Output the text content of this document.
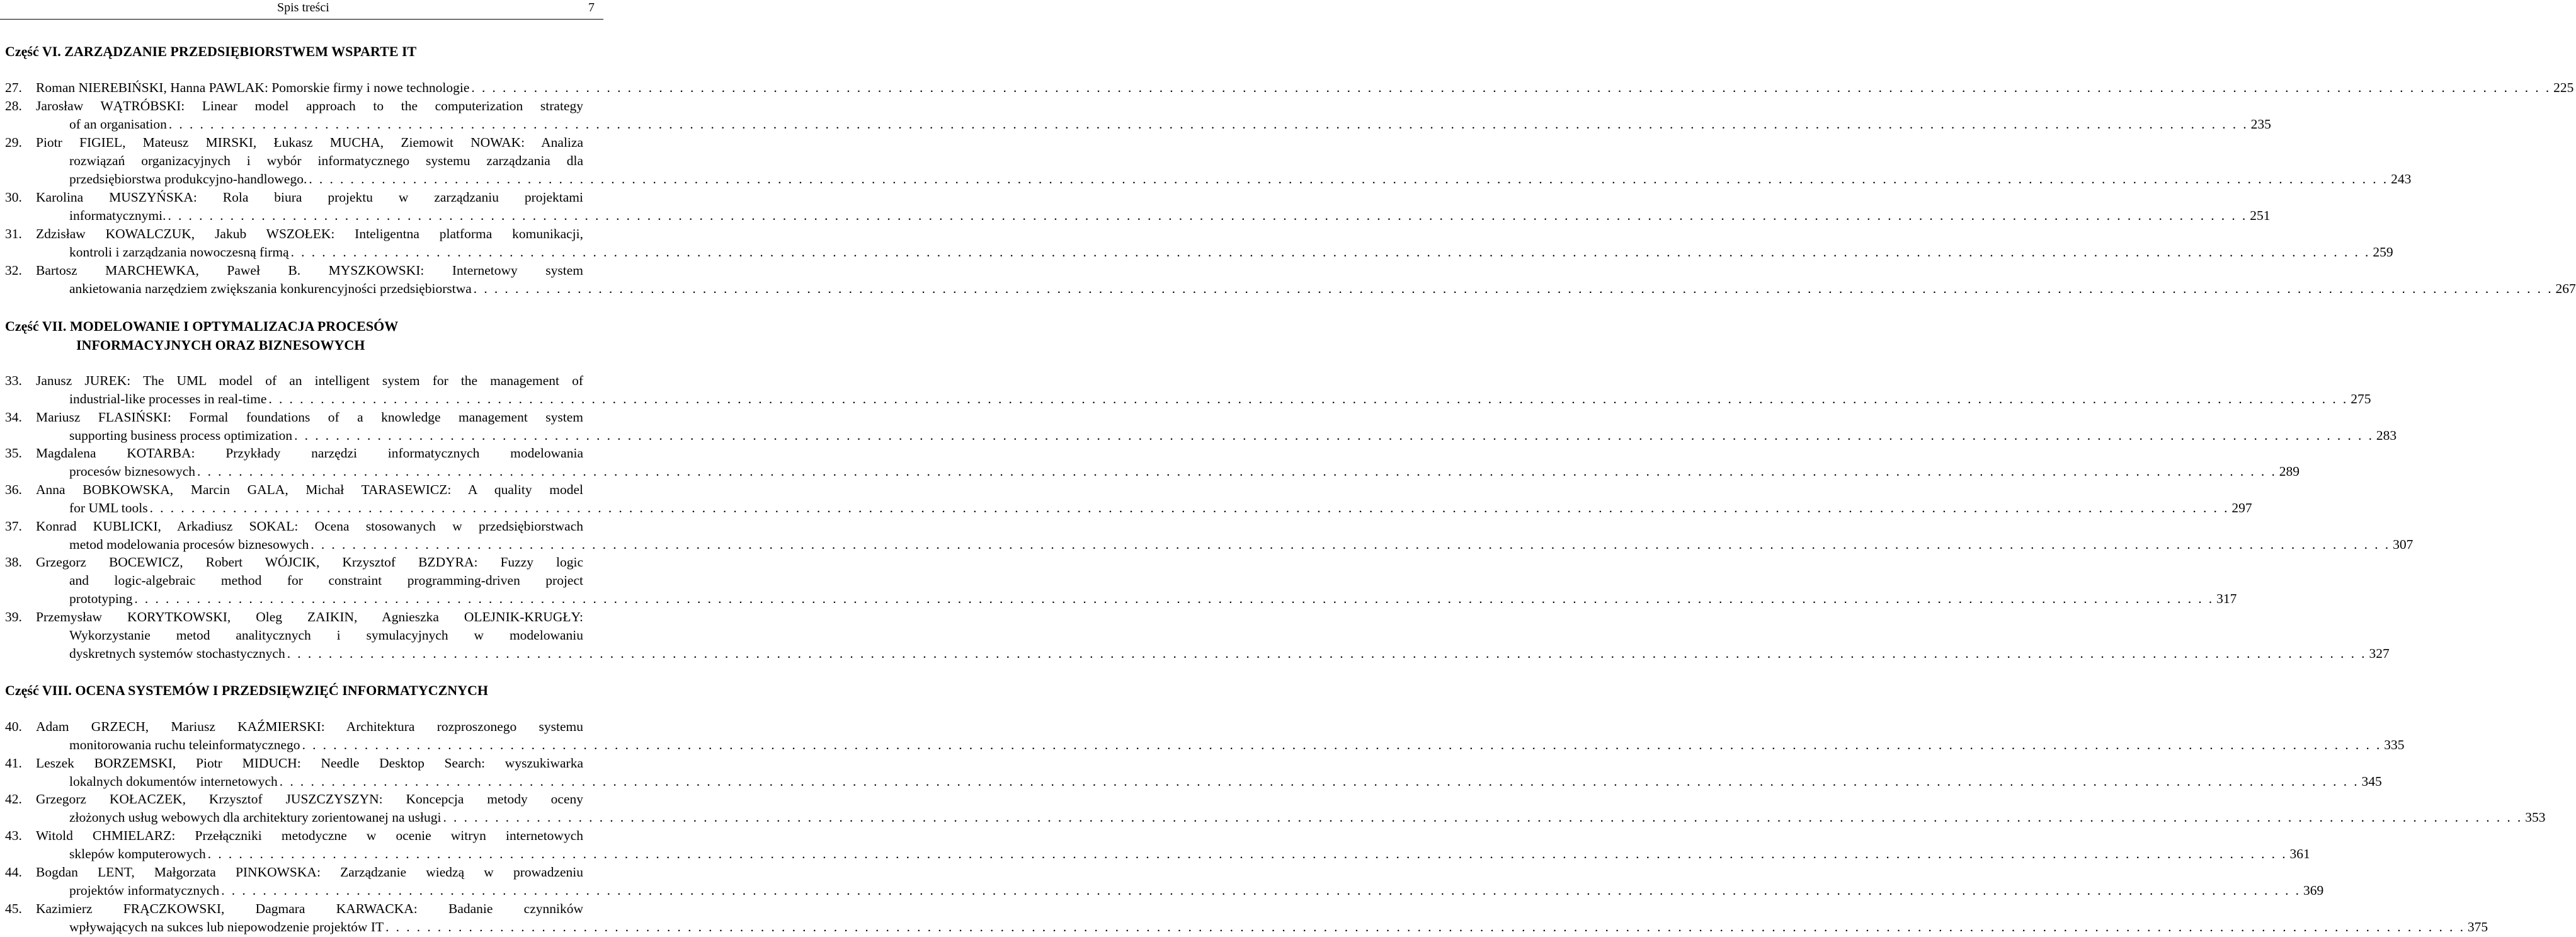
Spis treści	7
Część VI. ZARZĄDZANIE PRZEDSIĘBIORSTWEM WSPARTE IT
Część VII. MODELOWANIE I OPTYMALIZACJA PROCESÓW
INFORMACYJNYCH ORAZ BIZNESOWYCH
Część VIII. OCENA SYSTEMÓW I PRZEDSIĘWZIĘĆ INFORMATYCZNYCH
27.	Roman NIEREBIŃSKI, Hanna PAWLAK: Pomorskie firmy i nowe technologie . . . . . . . . . . . . . . . . . . . . . . . . . . . . . . . . . . . . . . . . . . . . . . . . . . . . . . . . . . . . . . . . . . . . . . . . . . . . . . . . . . . . . . . . . . . . . . . . . . . . . . . . . . . . . . . . . . . . . . . . . . . . . . . . . . . . . . . . . . . . . . . . . . . . . . . . . . . . . . . . . . . . . . . . . . . . . . . . . . . . . . . . . . . . . . . . . . . . . . . . 225
28.	Jarosław WĄTRÓBSKI: Linear model approach to the computerization strategy
of an organisation . . . . . . . . . . . . . . . . . . . . . . . . . . . . . . . . . . . . . . . . . . . . . . . . . . . . . . . . . . . . . . . . . . . . . . . . . . . . . . . . . . . . . . . . . . . . . . . . . . . . . . . . . . . . . . . . . . . . . . . . . . . . . . . . . . . . . . . . . . . . . . . . . . . . . . . . . . . . . . . . . . . . . . . . . . . . . . . . . . . . . . . . . . . . . . . . . . . . . . . . 235
29.	Piotr FIGIEL, Mateusz MIRSKI, Łukasz MUCHA, Ziemowit NOWAK: Analiza
rozwiązań organizacyjnych i wybór informatycznego systemu zarządzania dla
przedsiębiorstwa produkcyjno-handlowego. . . . . . . . . . . . . . . . . . . . . . . . . . . . . . . . . . . . . . . . . . . . . . . . . . . . . . . . . . . . . . . . . . . . . . . . . . . . . . . . . . . . . . . . . . . . . . . . . . . . . . . . . . . . . . . . . . . . . . . . . . . . . . . . . . . . . . . . . . . . . . . . . . . . . . . . . . . . . . . . . . . . . . . . . . . . . . . . . . . . . . . . . . . . . . . . . . . . . . . . . 243
30.	Karolina MUSZYŃSKA: Rola biura projektu w zarządzaniu projektami
informatycznymi. . . . . . . . . . . . . . . . . . . . . . . . . . . . . . . . . . . . . . . . . . . . . . . . . . . . . . . . . . . . . . . . . . . . . . . . . . . . . . . . . . . . . . . . . . . . . . . . . . . . . . . . . . . . . . . . . . . . . . . . . . . . . . . . . . . . . . . . . . . . . . . . . . . . . . . . . . . . . . . . . . . . . . . . . . . . . . . . . . . . . . . . . . . . . . . . . . . . . . . . . 251
31.	Zdzisław KOWALCZUK, Jakub WSZOŁEK: Inteligentna platforma komunikacji,
kontroli i zarządzania nowoczesną firmą . . . . . . . . . . . . . . . . . . . . . . . . . . . . . . . . . . . . . . . . . . . . . . . . . . . . . . . . . . . . . . . . . . . . . . . . . . . . . . . . . . . . . . . . . . . . . . . . . . . . . . . . . . . . . . . . . . . . . . . . . . . . . . . . . . . . . . . . . . . . . . . . . . . . . . . . . . . . . . . . . . . . . . . . . . . . . . . . . . . . . . . . . . . . . . . . . . . . . . . . 259
32.	Bartosz MARCHEWKA, Paweł B. MYSZKOWSKI: Internetowy system
ankietowania narzędziem zwiększania konkurencyjności przedsiębiorstwa . . . . . . . . . . . . . . . . . . . . . . . . . . . . . . . . . . . . . . . . . . . . . . . . . . . . . . . . . . . . . . . . . . . . . . . . . . . . . . . . . . . . . . . . . . . . . . . . . . . . . . . . . . . . . . . . . . . . . . . . . . . . . . . . . . . . . . . . . . . . . . . . . . . . . . . . . . . . . . . . . . . . . . . . . . . . . . . . . . . . . . . . . . . . . . . . . . . . . . . . 267
33.	Janusz JUREK: The UML model of an intelligent system for the management of
industrial-like processes in real-time . . . . . . . . . . . . . . . . . . . . . . . . . . . . . . . . . . . . . . . . . . . . . . . . . . . . . . . . . . . . . . . . . . . . . . . . . . . . . . . . . . . . . . . . . . . . . . . . . . . . . . . . . . . . . . . . . . . . . . . . . . . . . . . . . . . . . . . . . . . . . . . . . . . . . . . . . . . . . . . . . . . . . . . . . . . . . . . . . . . . . . . . . . . . . . . . . . . . . . . . 275
34.	Mariusz FLASIŃSKI: Formal foundations of a knowledge management system
supporting business process optimization . . . . . . . . . . . . . . . . . . . . . . . . . . . . . . . . . . . . . . . . . . . . . . . . . . . . . . . . . . . . . . . . . . . . . . . . . . . . . . . . . . . . . . . . . . . . . . . . . . . . . . . . . . . . . . . . . . . . . . . . . . . . . . . . . . . . . . . . . . . . . . . . . . . . . . . . . . . . . . . . . . . . . . . . . . . . . . . . . . . . . . . . . . . . . . . . . . . . . . . . 283
35.	Magdalena KOTARBA: Przykłady narzędzi informatycznych modelowania
procesów biznesowych . . . . . . . . . . . . . . . . . . . . . . . . . . . . . . . . . . . . . . . . . . . . . . . . . . . . . . . . . . . . . . . . . . . . . . . . . . . . . . . . . . . . . . . . . . . . . . . . . . . . . . . . . . . . . . . . . . . . . . . . . . . . . . . . . . . . . . . . . . . . . . . . . . . . . . . . . . . . . . . . . . . . . . . . . . . . . . . . . . . . . . . . . . . . . . . . . . . . . . . . 289
36.	Anna BOBKOWSKA, Marcin GALA, Michał TARASEWICZ: A quality model
for UML tools . . . . . . . . . . . . . . . . . . . . . . . . . . . . . . . . . . . . . . . . . . . . . . . . . . . . . . . . . . . . . . . . . . . . . . . . . . . . . . . . . . . . . . . . . . . . . . . . . . . . . . . . . . . . . . . . . . . . . . . . . . . . . . . . . . . . . . . . . . . . . . . . . . . . . . . . . . . . . . . . . . . . . . . . . . . . . . . . . . . . . . . . . . . . . . . . . . . . . . . . 297
37.	Konrad KUBLICKI, Arkadiusz SOKAL: Ocena stosowanych w przedsiębiorstwach
metod modelowania procesów biznesowych . . . . . . . . . . . . . . . . . . . . . . . . . . . . . . . . . . . . . . . . . . . . . . . . . . . . . . . . . . . . . . . . . . . . . . . . . . . . . . . . . . . . . . . . . . . . . . . . . . . . . . . . . . . . . . . . . . . . . . . . . . . . . . . . . . . . . . . . . . . . . . . . . . . . . . . . . . . . . . . . . . . . . . . . . . . . . . . . . . . . . . . . . . . . . . . . . . . . . . . . 307
38.	Grzegorz BOCEWICZ, Robert WÓJCIK, Krzysztof BZDYRA: Fuzzy logic
and logic-algebraic method for constraint programming-driven project
prototyping . . . . . . . . . . . . . . . . . . . . . . . . . . . . . . . . . . . . . . . . . . . . . . . . . . . . . . . . . . . . . . . . . . . . . . . . . . . . . . . . . . . . . . . . . . . . . . . . . . . . . . . . . . . . . . . . . . . . . . . . . . . . . . . . . . . . . . . . . . . . . . . . . . . . . . . . . . . . . . . . . . . . . . . . . . . . . . . . . . . . . . . . . . . . . . . . . . . . . . . . 317
39.	Przemysław KORYTKOWSKI, Oleg ZAIKIN, Agnieszka OLEJNIK-KRUGŁY:
Wykorzystanie metod analitycznych i symulacyjnych w modelowaniu
dyskretnych systemów stochastycznych . . . . . . . . . . . . . . . . . . . . . . . . . . . . . . . . . . . . . . . . . . . . . . . . . . . . . . . . . . . . . . . . . . . . . . . . . . . . . . . . . . . . . . . . . . . . . . . . . . . . . . . . . . . . . . . . . . . . . . . . . . . . . . . . . . . . . . . . . . . . . . . . . . . . . . . . . . . . . . . . . . . . . . . . . . . . . . . . . . . . . . . . . . . . . . . . . . . . . . . . 327
40.	Adam GRZECH, Mariusz KAŹMIERSKI: Architektura rozproszonego systemu
monitorowania ruchu teleinformatycznego . . . . . . . . . . . . . . . . . . . . . . . . . . . . . . . . . . . . . . . . . . . . . . . . . . . . . . . . . . . . . . . . . . . . . . . . . . . . . . . . . . . . . . . . . . . . . . . . . . . . . . . . . . . . . . . . . . . . . . . . . . . . . . . . . . . . . . . . . . . . . . . . . . . . . . . . . . . . . . . . . . . . . . . . . . . . . . . . . . . . . . . . . . . . . . . . . . . . . . . . 335
41.	Leszek BORZEMSKI, Piotr MIDUCH: Needle Desktop Search: wyszukiwarka
lokalnych dokumentów internetowych . . . . . . . . . . . . . . . . . . . . . . . . . . . . . . . . . . . . . . . . . . . . . . . . . . . . . . . . . . . . . . . . . . . . . . . . . . . . . . . . . . . . . . . . . . . . . . . . . . . . . . . . . . . . . . . . . . . . . . . . . . . . . . . . . . . . . . . . . . . . . . . . . . . . . . . . . . . . . . . . . . . . . . . . . . . . . . . . . . . . . . . . . . . . . . . . . . . . . . . . 345
42.	Grzegorz KOŁACZEK, Krzysztof JUSZCZYSZYN: Koncepcja metody oceny
złożonych usług webowych dla architektury zorientowanej na usługi . . . . . . . . . . . . . . . . . . . . . . . . . . . . . . . . . . . . . . . . . . . . . . . . . . . . . . . . . . . . . . . . . . . . . . . . . . . . . . . . . . . . . . . . . . . . . . . . . . . . . . . . . . . . . . . . . . . . . . . . . . . . . . . . . . . . . . . . . . . . . . . . . . . . . . . . . . . . . . . . . . . . . . . . . . . . . . . . . . . . . . . . . . . . . . . . . . . . . . . . 353
43.	Witold CHMIELARZ: Przełączniki metodyczne w ocenie witryn internetowych
sklepów komputerowych . . . . . . . . . . . . . . . . . . . . . . . . . . . . . . . . . . . . . . . . . . . . . . . . . . . . . . . . . . . . . . . . . . . . . . . . . . . . . . . . . . . . . . . . . . . . . . . . . . . . . . . . . . . . . . . . . . . . . . . . . . . . . . . . . . . . . . . . . . . . . . . . . . . . . . . . . . . . . . . . . . . . . . . . . . . . . . . . . . . . . . . . . . . . . . . . . . . . . . . . 361
44.	Bogdan LENT, Małgorzata PINKOWSKA: Zarządzanie wiedzą w prowadzeniu
projektów informatycznych . . . . . . . . . . . . . . . . . . . . . . . . . . . . . . . . . . . . . . . . . . . . . . . . . . . . . . . . . . . . . . . . . . . . . . . . . . . . . . . . . . . . . . . . . . . . . . . . . . . . . . . . . . . . . . . . . . . . . . . . . . . . . . . . . . . . . . . . . . . . . . . . . . . . . . . . . . . . . . . . . . . . . . . . . . . . . . . . . . . . . . . . . . . . . . . . . . . . . . . . 369
45.	Kazimierz FRĄCZKOWSKI, Dagmara KARWACKA: Badanie czynników
wpływających na sukces lub niepowodzenie projektów IT . . . . . . . . . . . . . . . . . . . . . . . . . . . . . . . . . . . . . . . . . . . . . . . . . . . . . . . . . . . . . . . . . . . . . . . . . . . . . . . . . . . . . . . . . . . . . . . . . . . . . . . . . . . . . . . . . . . . . . . . . . . . . . . . . . . . . . . . . . . . . . . . . . . . . . . . . . . . . . . . . . . . . . . . . . . . . . . . . . . . . . . . . . . . . . . . . . . . . . . . 375
